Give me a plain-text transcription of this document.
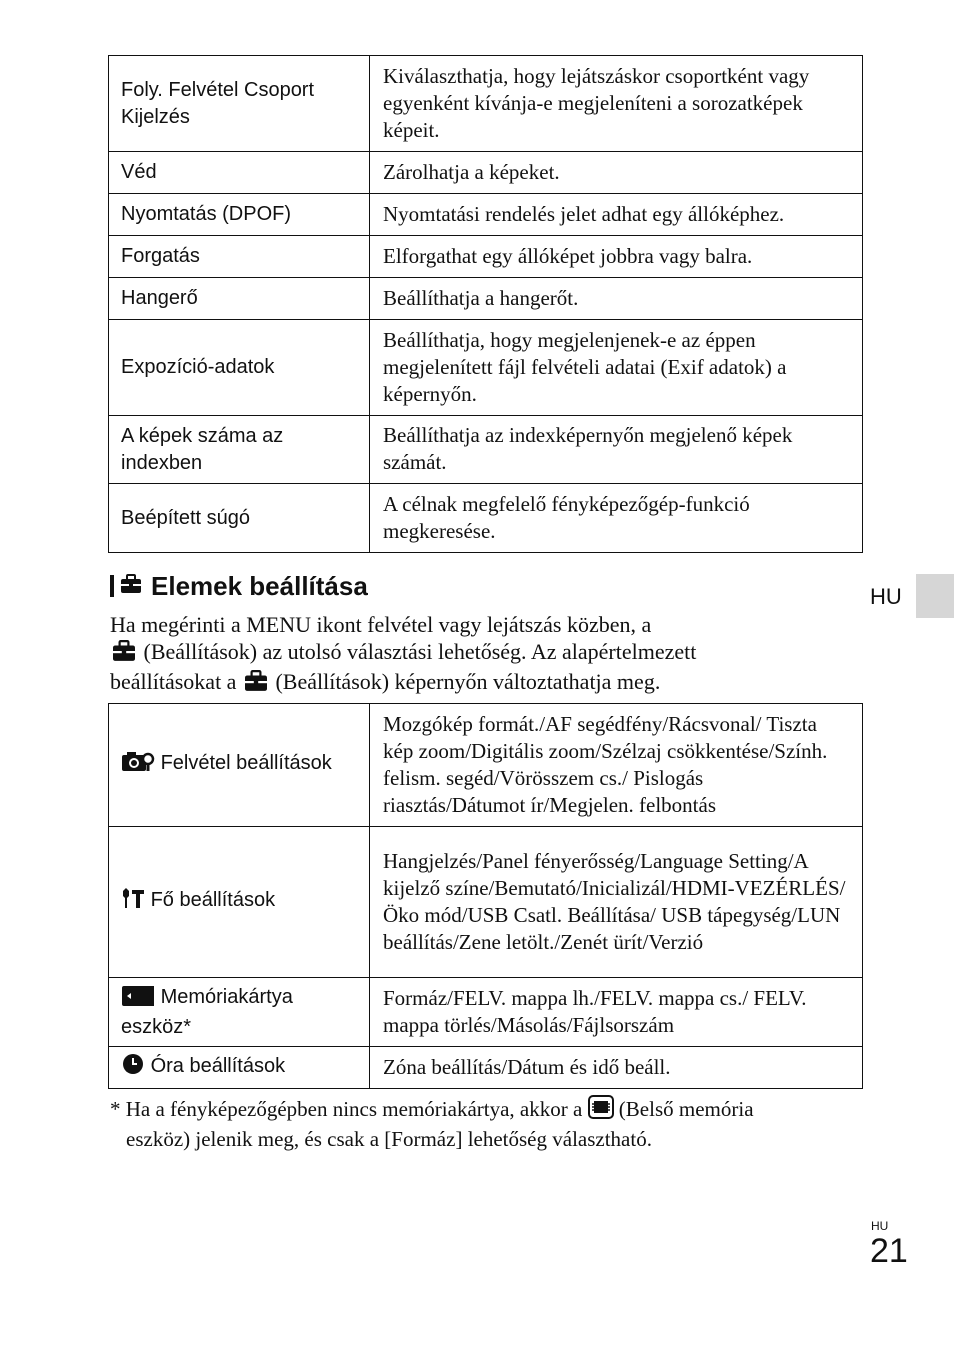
Foly. Felvétel Csoport Kijelzés	Kiválaszthatja, hogy lejátszáskor csoportként vagy egyenként kívánja-e megjeleníteni a sorozatképek képeit.
Véd	Zárolhatja a képeket.
Nyomtatás (DPOF)	Nyomtatási rendelés jelet adhat egy állóképhez.
Forgatás	Elforgathat egy állóképet jobbra vagy balra.
Hangerő	Beállíthatja a hangerőt.
Expozíció-adatok	Beállíthatja, hogy megjelenjenek-e az éppen megjelenített fájl felvételi adatai (Exif adatok) a képernyőn.
A képek száma az indexben	Beállíthatja az indexképernyőn megjelenő képek számát.
Beépített súgó	A célnak megfelelő fényképezőgép-funkció megkeresése.
Elemek beállítása
Ha megérinti a MENU ikont felvétel vagy lejátszás közben, a
(Beállítások) az utolsó választási lehetőség. Az alapértelmezett beállításokat a (Beállítások) képernyőn változtathatja meg.
Felvétel beállítások	Mozgókép formát./AF segédfény/Rácsvonal/ Tiszta kép zoom/Digitális zoom/Szélzaj csökkentése/Szính. felism. segéd/Vörösszem cs./ Pislogás riasztás/Dátumot ír/Megjelen. felbontás
Fő beállítások	Hangjelzés/Panel fényerősség/Language Setting/A kijelző színe/Bemutató/Inicializál/HDMI-VEZÉRLÉS/Öko mód/USB Csatl. Beállítása/ USB tápegység/LUN beállítás/Zene letölt./Zenét ürít/Verzió
Memóriakártya eszköz*	Formáz/FELV. mappa lh./FELV. mappa cs./ FELV. mappa törlés/Másolás/Fájlsorszám
Óra beállítások	Zóna beállítás/Dátum és idő beáll.
* Ha a fényképezőgépben nincs memóriakártya, akkor a (Belső memória
eszköz) jelenik meg, és csak a [Formáz] lehetőség választható.
HU
HU
21
